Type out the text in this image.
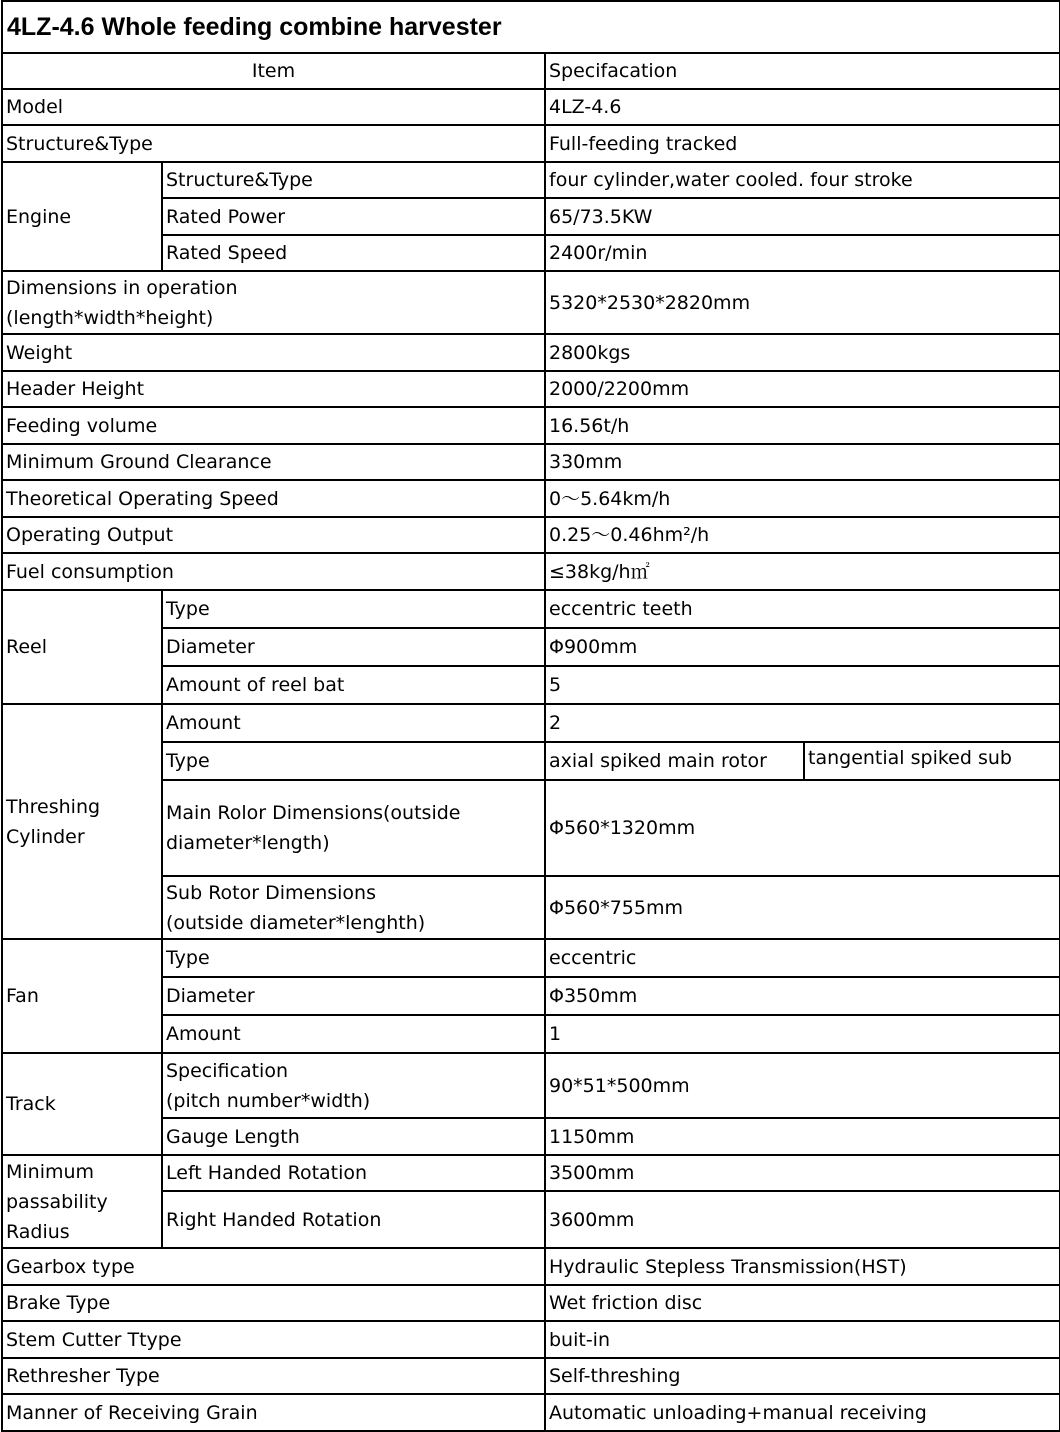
4LZ-4.6 Whole feeding combine harvester			
Item		Specifacation	
Model		4LZ-4.6	
Structure&Type		Full-feeding tracked	
Engine	Structure&Type	four cylinder,water cooled. four stroke	
	Rated Power	65/73.5KW	
	Rated Speed	2400r/min	

Dimensions in operation
(length*width*height)		5320*2530*2820mm	
Weight		2800kgs	
Header Height		2000/2200mm	
Feeding volume		16.56t/h	
Minimum Ground Clearance		330mm	
Theoretical Operating Speed		0～5.64km/h	
Operating Output		0.25～0.46hm²/h	
Fuel consumption		≤38kg/h㎡	
Reel	Type	eccentric teeth	
	Diameter	Φ900mm	
	Amount of reel bat	5	

Threshing
Cylinder	Amount	2	
	Type	axial spiked main rotor	tangential spiked sub

	Main Rolor Dimensions(outside
diameter*length)	Φ560*1320mm	

	Sub Rotor Dimensions
(outside diameter*lenghth)	Φ560*755mm	
Fan	Type	eccentric	
	Diameter	Φ350mm	
	Amount	1	
Track	Specification
(pitch number*width)	90*51*500mm	
	Gauge Length	1150mm	

Minimum
passability
Radius	Left Handed Rotation	3500mm	
	Right Handed Rotation	3600mm	
Gearbox type		Hydraulic Stepless Transmission(HST)	
Brake Type		Wet friction disc	
Stem Cutter Ttype		buit-in	
Rethresher Type		Self-threshing	
Manner of Receiving Grain		Automatic unloading+manual receiving	
